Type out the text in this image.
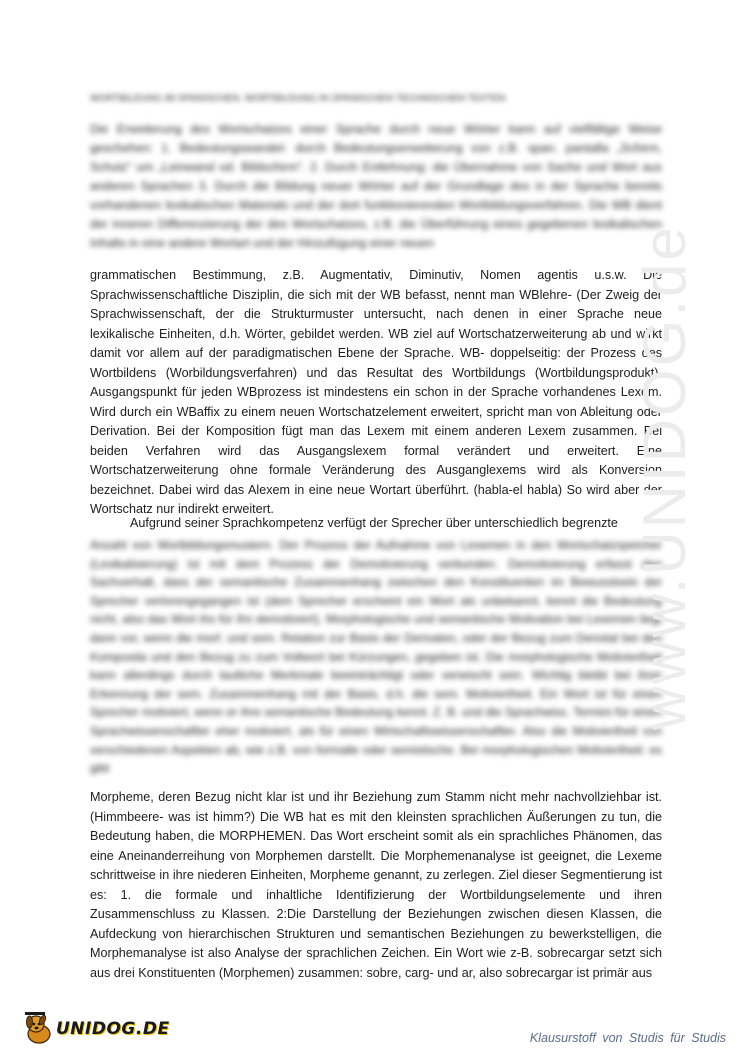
WORTBILDUNG IM SPANISCHEN. WORTBILDUNG IN SPANISCHEN TECHNISCHEN TEXTEN

Die Erweiterung des Wortschatzes einer Sprache durch neue Wörter kann auf vielfältige Weise geschehen: 1. Bedeutungswandel- durch Bedeutungserweiterung von z.B. span. pantalla „Schirm, Schutz“ um „Leinwand od. Bildschirm“. 2. Durch Entlehnung: die Übernahme von Sache und Wort aus anderen Sprachen 3. Durch die Bildung neuer Wörter auf der Grundlage des in der Sprache bereits vorhandenen lexikalischen Materials und der dort funktionierenden Wortbildungsverfahren. Die WB dient der inneren Differenzierung der des Wortschatzes, z.B. die Überführung eines gegebenen lexikalischen Inhalts in eine andere Wortart und der Hinzufügung einer neuen

grammatischen Bestimmung, z.B. Augmentativ, Diminutiv, Nomen agentis u.s.w. Die Sprachwissenschaftliche Disziplin, die sich mit der WB befasst, nennt man WBlehre- (Der Zweig der Sprachwissenschaft, der die Strukturmuster untersucht, nach denen in einer Sprache neue lexikalische Einheiten, d.h. Wörter, gebildet werden. WB ziel auf Wortschatzerweiterung ab und wirkt damit vor allem auf der paradigmatischen Ebene der Sprache. WB- doppelseitig: der Prozess des Wortbildens (Worbildungsverfahren) und das Resultat des Wortbildungs (Wortbildungsprodukt). Ausgangspunkt für jeden WBprozess ist mindestens ein schon in der Sprache vorhandenes Lexem. Wird durch ein WBaffix zu einem neuen Wortschatzelement erweitert, spricht man von Ableitung oder Derivation. Bei der Komposition fügt man das Lexem mit einem anderen Lexem zusammen. Bei beiden Verfahren wird das Ausgangslexem formal verändert und erweitert. Eine Wortschatzerweiterung ohne formale Veränderung des Ausganglexems wird als Konversion bezeichnet. Dabei wird das Alexem in eine neue Wortart überführt. (habla-el habla) So wird aber der Wortschatz nur indirekt erweitert.

Aufgrund seiner Sprachkompetenz verfügt der Sprecher über unterschiedlich begrenzte

Anzahl von Wortbildungsmustern. Der Prozess der Aufnahme von Lexemen in den Wortschatzspeicher (Lexikalisierung) ist mit dem Prozess der Demotivierung verbunden. Demotivierung erfasst den Sachverhalt, dass der semantische Zusammenhang zwischen den Konstituenten im Bewusstsein der Sprecher verlorengegangen ist (dem Sprecher erscheint ein Wort als unbekannt, kennt die Bedeutung nicht, also das Wort ihs für ihn demotiviert). Morphologische und semantische Motivation bei Lexemen liegt dann vor, wenn die morf. und sem. Relation zur Basis der Derivaten, oder der Bezug zum Denotat bei den Komposita und den Bezug zu zum Vollwort bei Kürzungen, gegeben ist. Die morphologische Motiviertheit kann allerdings durch lautliche Merkmale beeinträchtigt oder verwischt sein. Wichtig bleibt bei ihrer Erkennung der sem. Zusammenhang mit der Basis, d.h. die sem. Motiviertheit. Ein Wort ist für einen Sprecher motiviert, wenn er ihre semantische Bedeutung kennt. Z. B. und die Sprachwiss. Termini für einen Sprachwissenschaftler eher motiviert, als für einen Wirtschaftswissenschaftler. Also die Motiviertheit von verschiedenen Aspekten ab, wie z.B. von formalle oder semistische. Bei morphologischen Motiviertheit: es gibt

Morpheme, deren Bezug nicht klar ist und ihr Beziehung zum Stamm nicht mehr nachvollziehbar ist. (Himmbeere- was ist himm?) Die WB hat es mit den kleinsten sprachlichen Äußerungen zu tun, die Bedeutung haben, die MORPHEMEN. Das Wort erscheint somit als ein sprachliches Phänomen, das eine Aneinanderreihung von Morphemen darstellt. Die Morphemenanalyse ist geeignet, die Lexeme schrittweise in ihre niederen Einheiten, Morpheme genannt, zu zerlegen. Ziel dieser Segmentierung ist es: 1. die formale und inhaltliche Identifizierung der Wortbildungselemente und ihren Zusammenschluss zu Klassen. 2:Die Darstellung der Beziehungen zwischen diesen Klassen, die Aufdeckung von hierarchischen Strukturen und semantischen Beziehungen zu bewerkstelligen, die Morphemanalyse ist also Analyse der sprachlichen Zeichen. Ein Wort wie z-B. sobrecargar setzt sich aus drei Konstituenten (Morphemen) zusammen: sobre, carg- und ar, also sobrecargar ist primär aus

www.UNIDOG.de
UNIDOG.DE	Klausurstoff von Studis für Studis
